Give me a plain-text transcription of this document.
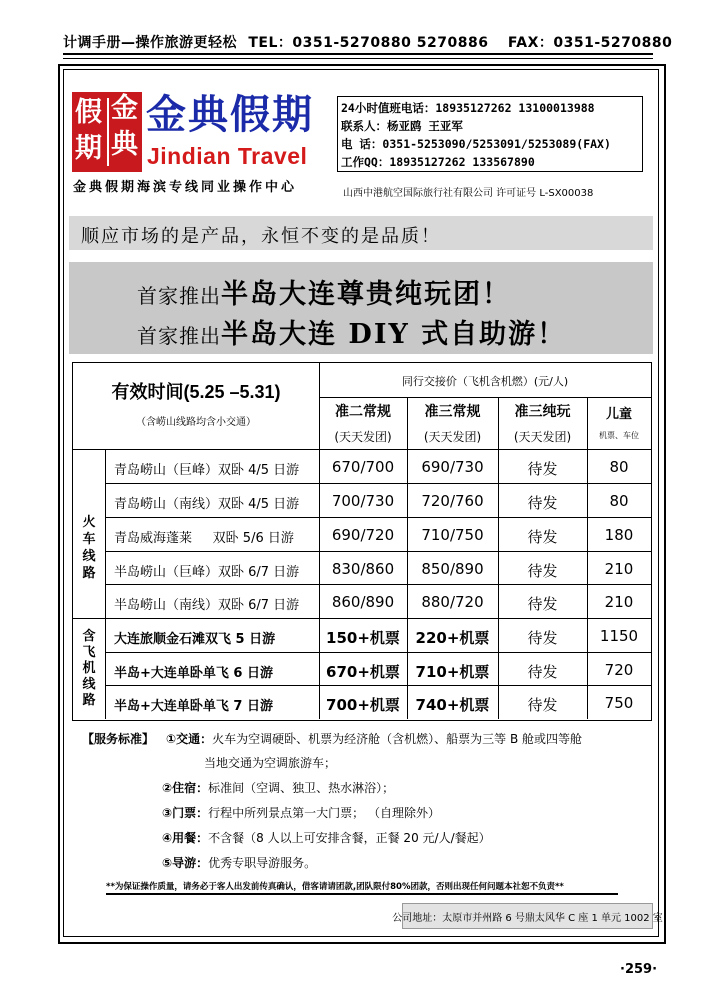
计调手册—操作旅游更轻松 TEL：0351-5270880 5270886 FAX：0351-5270880
假 金
期 典
金典假期
Jindian Travel
金典假期海滨专线同业操作中心
24小时值班电话：18935127262 13100013988
联系人：杨亚鸥 王亚军
电 话：0351-5253090/5253091/5253089(FAX)
工作QQ：18935127262 133567890
山西中港航空国际旅行社有限公司 许可证号 L-SX00038
顺应市场的是产品，永恒不变的是品质！
首家推出半岛大连尊贵纯玩团！
首家推出半岛大连 DIY 式自助游！
有效时间(5.25 –5.31)
（含崂山线路均含小交通）
同行交接价（飞机含机燃）(元/人)
准二常规
(天天发团)
准三常规
(天天发团)
准三纯玩
(天天发团)
儿童
机票、车位
火车线路
含飞机线路
青岛崂山（巨峰）双卧 4/5 日游	670/700	690/730	待发	80
青岛崂山（南线）双卧 4/5 日游	700/730	720/760	待发	80
青岛威海蓬莱     双卧 5/6 日游	690/720	710/750	待发	180
半岛崂山（巨峰）双卧 6/7 日游	830/860	850/890	待发	210
半岛崂山（南线）双卧 6/7 日游	860/890	880/720	待发	210
大连旅顺金石滩双飞 5 日游	150+机票	220+机票	待发	1150
半岛+大连单卧单飞 6 日游	670+机票	710+机票	待发	720
半岛+大连单卧单飞 7 日游	700+机票	740+机票	待发	750
【服务标准】 ①交通：火车为空调硬卧、机票为经济舱（含机燃）、船票为三等 B 舱或四等舱
当地交通为空调旅游车；
②住宿：标准间（空调、独卫、热水淋浴）；
③门票：行程中所列景点第一大门票； （自理除外）
④用餐：不含餐（8 人以上可安排含餐，正餐 20 元/人/餐起）
⑤导游：优秀专职导游服务。
**为保证操作质量，请务必于客人出发前传真确认，借客请请团款,团队限付80%团款，否则出现任何问题本社恕不负责**
公司地址：太原市并州路 6 号鼎太风华 C 座 1 单元 1002 室
·259·
